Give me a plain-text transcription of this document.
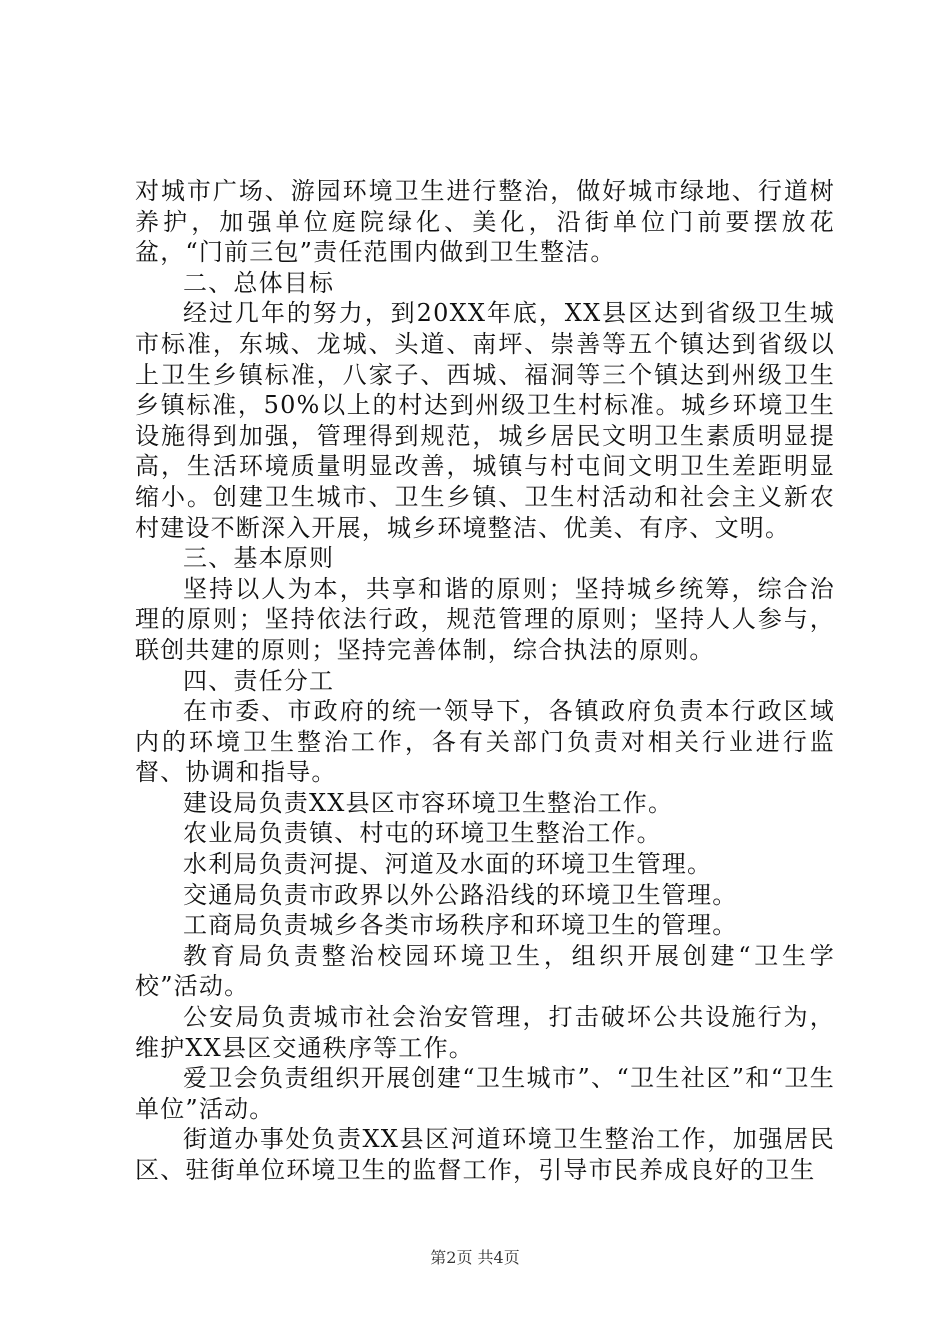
对城市广场、游园环境卫生进行整治，做好城市绿地、行道树养护，加强单位庭院绿化、美化，沿街单位门前要摆放花盆，“门前三包”责任范围内做到卫生整洁。

二、总体目标

经过几年的努力，到20XX年底，XX县区达到省级卫生城市标准，东城、龙城、头道、南坪、崇善等五个镇达到省级以上卫生乡镇标准，八家子、西城、福洞等三个镇达到州级卫生乡镇标准，50%以上的村达到州级卫生村标准。城乡环境卫生设施得到加强，管理得到规范，城乡居民文明卫生素质明显提高，生活环境质量明显改善，城镇与村屯间文明卫生差距明显缩小。创建卫生城市、卫生乡镇、卫生村活动和社会主义新农村建设不断深入开展，城乡环境整洁、优美、有序、文明。

三、基本原则

坚持以人为本，共享和谐的原则；坚持城乡统筹，综合治理的原则；坚持依法行政，规范管理的原则；坚持人人参与，联创共建的原则；坚持完善体制，综合执法的原则。

四、责任分工

在市委、市政府的统一领导下，各镇政府负责本行政区域内的环境卫生整治工作，各有关部门负责对相关行业进行监督、协调和指导。

建设局负责XX县区市容环境卫生整治工作。

农业局负责镇、村屯的环境卫生整治工作。

水利局负责河提、河道及水面的环境卫生管理。

交通局负责市政界以外公路沿线的环境卫生管理。

工商局负责城乡各类市场秩序和环境卫生的管理。

教育局负责整治校园环境卫生，组织开展创建“卫生学校”活动。

公安局负责城市社会治安管理，打击破坏公共设施行为，维护XX县区交通秩序等工作。

爱卫会负责组织开展创建“卫生城市”、“卫生社区”和“卫生单位”活动。

街道办事处负责XX县区河道环境卫生整治工作，加强居民区、驻街单位环境卫生的监督工作，引导市民养成良好的卫生

第2页 共4页
